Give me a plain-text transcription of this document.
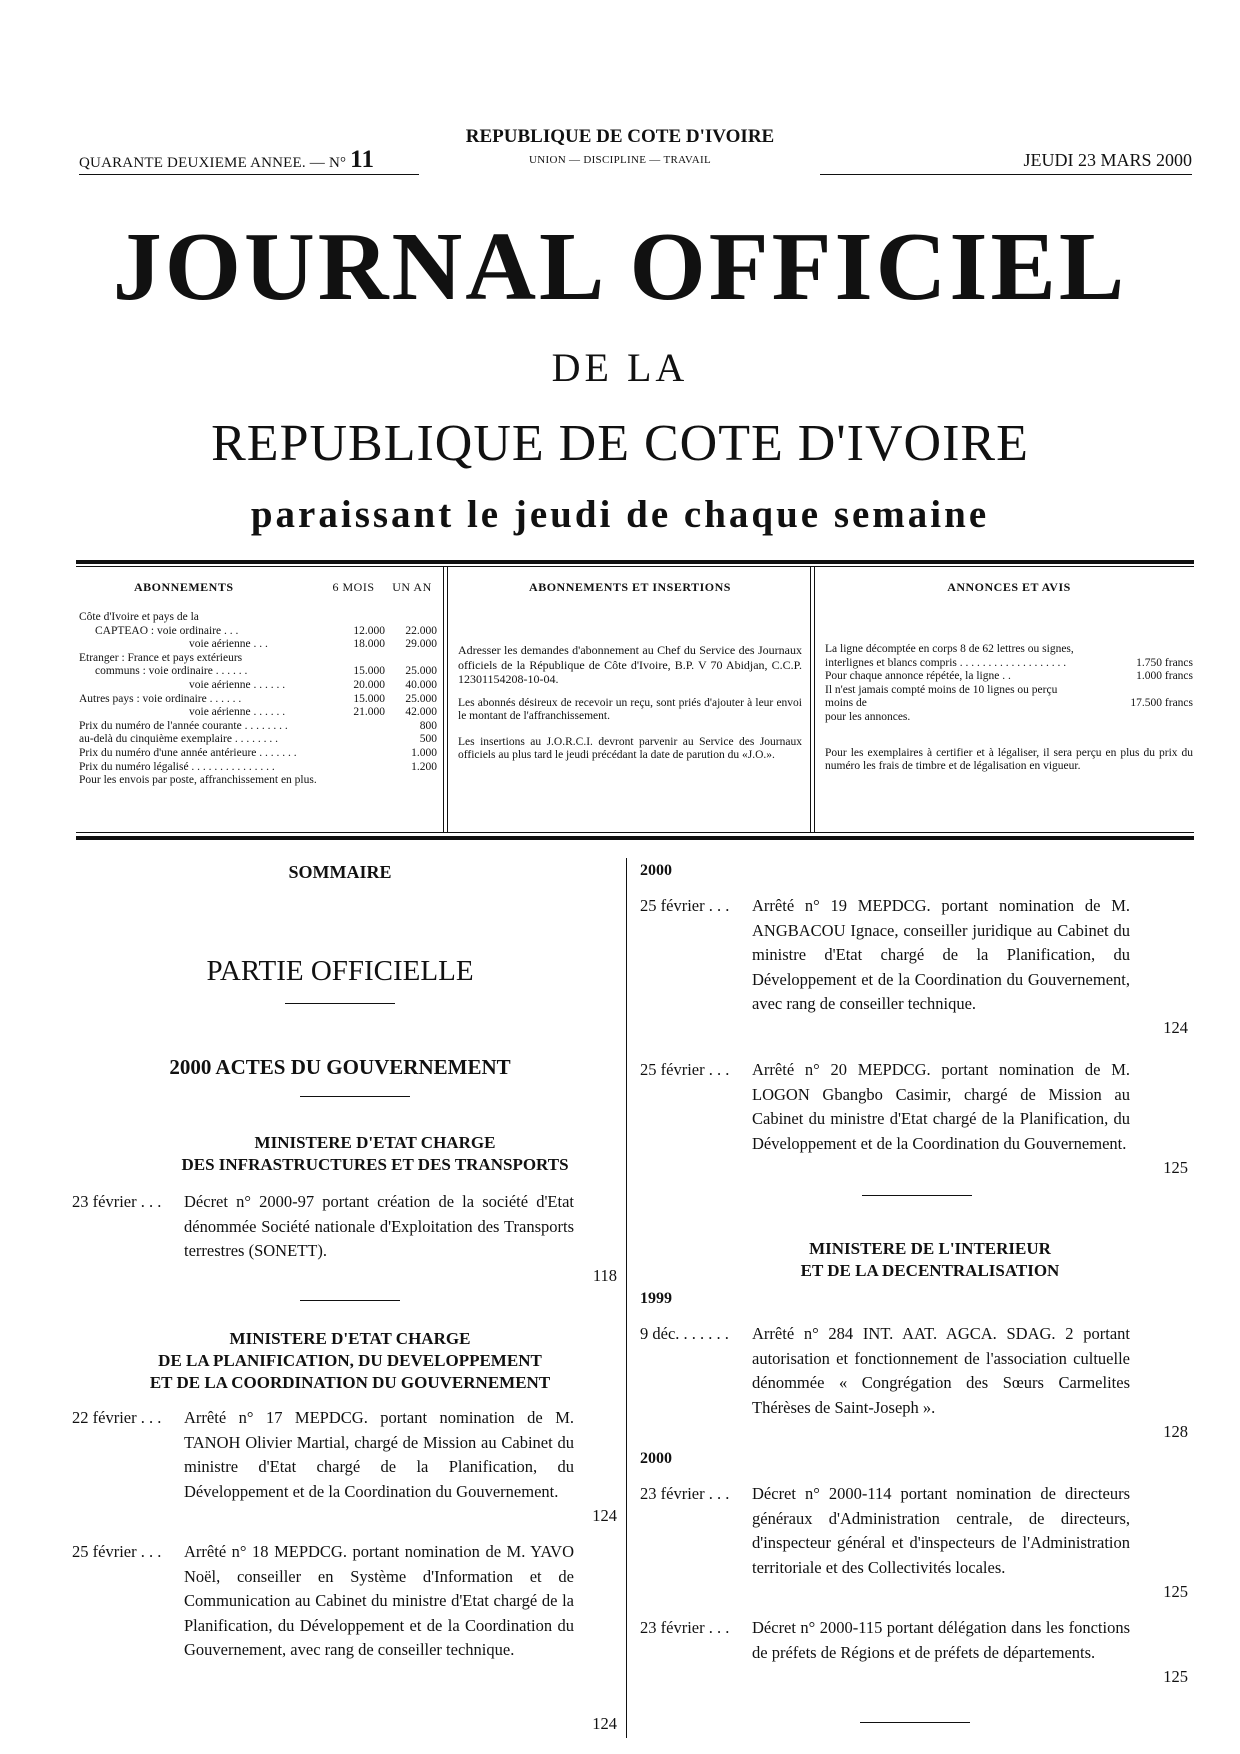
QUARANTE DEUXIEME ANNEE. — N° 11
REPUBLIQUE DE COTE D'IVOIRE
UNION — DISCIPLINE — TRAVAIL	JEUDI 23 MARS 2000
JOURNAL OFFICIEL
DE LA
REPUBLIQUE DE COTE D'IVOIRE
paraissant le jeudi de chaque semaine
ABONNEMENTS	6 MOIS UN AN
Côte d'Ivoire et pays de la
CAPTEAO : voie ordinaire . . .	12.000 22.000
voie aérienne . . .	18.000 29.000
Etranger : France et pays extérieurs
communs : voie ordinaire . . . . . .	15.000 25.000
voie aérienne . . . . . .	20.000 40.000
Autres pays : voie ordinaire . . . . . .	15.000 25.000
voie aérienne . . . . . .	21.000 42.000
Prix du numéro de l'année courante . . . . . . . .	800
au-delà du cinquième exemplaire . . . . . . . .	500
Prix du numéro d'une année antérieure . . . . . . .	1.000
Prix du numéro légalisé . . . . . . . . . . . . . . .	1.200
Pour les envois par poste, affranchissement en plus.
ABONNEMENTS ET INSERTIONS
Adresser les demandes d'abonnement au Chef du Service des Journaux officiels de la République de Côte d'Ivoire, B.P. V 70 Abidjan, C.C.P. 12301154208-10-04.
Les abonnés désireux de recevoir un reçu, sont priés d'ajouter à leur envoi le montant de l'affranchissement.
Les insertions au J.O.R.C.I. devront parvenir au Service des Journaux officiels au plus tard le jeudi précédant la date de parution du «J.O.».
ANNONCES ET AVIS
La ligne décomptée en corps 8 de 62 lettres ou signes, interlignes et blancs compris . . . . . . . . . . . . . . . . . . .	1.750 francs
Pour chaque annonce répétée, la ligne . .	1.000 francs
Il n'est jamais compté moins de 10 lignes ou perçu moins de	17.500 francs
pour les annonces.
Pour les exemplaires à certifier et à légaliser, il sera perçu en plus du prix du numéro les frais de timbre et de légalisation en vigueur.
SOMMAIRE
PARTIE OFFICIELLE
2000 ACTES DU GOUVERNEMENT
MINISTERE D'ETAT CHARGE
DES INFRASTRUCTURES ET DES TRANSPORTS
23 février . . . Décret n° 2000-97 portant création de la société d'Etat dénommée Société nationale d'Exploitation des Transports terrestres (SONETT).
118
MINISTERE D'ETAT CHARGE
DE LA PLANIFICATION, DU DEVELOPPEMENT
ET DE LA COORDINATION DU GOUVERNEMENT
22 février . . . Arrêté n° 17 MEPDCG. portant nomination de M. TANOH Olivier Martial, chargé de Mission au Cabinet du ministre d'Etat chargé de la Planification, du Développement et de la Coordination du Gouvernement.
124
25 février . . . Arrêté n° 18 MEPDCG. portant nomination de M. YAVO Noël, conseiller en Système d'Information et de Communication au Cabinet du ministre d'Etat chargé de la Planification, du Développement et de la Coordination du Gouvernement, avec rang de conseiller technique.
124
2000
25 février . . . Arrêté n° 19 MEPDCG. portant nomination de M. ANGBACOU Ignace, conseiller juridique au Cabinet du ministre d'Etat chargé de la Planification, du Développement et de la Coordination du Gouvernement, avec rang de conseiller technique.
124
25 février . . . Arrêté n° 20 MEPDCG. portant nomination de M. LOGON Gbangbo Casimir, chargé de Mission au Cabinet du ministre d'Etat chargé de la Planification, du Développement et de la Coordination du Gouvernement.
125
MINISTERE DE L'INTERIEUR
ET DE LA DECENTRALISATION
1999
9 déc. . . . . . . Arrêté n° 284 INT. AAT. AGCA. SDAG. 2 portant autorisation et fonctionnement de l'association cultuelle dénommée « Congrégation des Sœurs Carmelites Thérèses de Saint-Joseph ».
128
2000
23 février . . . Décret n° 2000-114 portant nomination de directeurs généraux d'Administration centrale, de directeurs, d'inspecteur général et d'inspecteurs de l'Administration territoriale et des Collectivités locales.
125
23 février . . . Décret n° 2000-115 portant délégation dans les fonctions de préfets de Régions et de préfets de départements.
125
